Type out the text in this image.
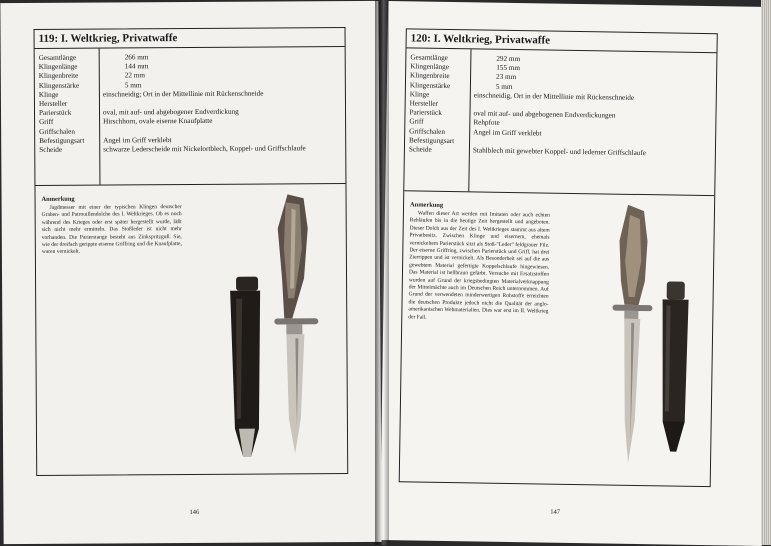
119: I. Weltkrieg, Privatwaffe
Gesamtlänge
Klingenlänge
Klingenbreite
Klingenstärke
Klinge
Hersteller
Parierstück
Griff
Griffschalen
Befestigungsart
Scheide
266 mm
144 mm
22 mm
5 mm
einschneidig; Ort in der Mittellinie mit Rückenschneide

oval, mit auf- und abgebogener Endverdickung
Hirschhorn, ovale eiserne Knaufplatte

Angel im Griff verklebt
schwarze Lederscheide mit Nickelortblech, Koppel- und Griffschlaufe
Anmerkung
Jagdmesser mit einer der typischen Klingen deutscher Graben- und Patrouillendolche des I. Weltkrieges. Ob es noch während des Krieges oder erst später hergestellt wurde, läßt sich nicht mehr ermitteln. Das Stoßleder ist nicht mehr vorhanden. Die Parierstange besteht aus Zinkspritzguß. Sie, wie der dreifach gerippte eiserne Griffring und die Knaufplatte, waren vernickelt.
146
120: I. Weltkrieg, Privatwaffe
Gesamtlänge
Klingenlänge
Klingenbreite
Klingenstärke
Klinge
Hersteller
Parierstück
Griff
Griffschalen
Befestigungsart
Scheide
292 mm
155 mm
23 mm
5 mm
einschneidig, Ort in der Mittellinie mit Rückenschneide

oval mit auf- und abgebogenen Endverdickungen
Rehpfote
Angel im Griff verklebt

Stahlblech mit gewebter Koppel- und lederner Griffschlaufe
Anmerkung
Waffen dieser Art werden mit Imitaten oder auch echten Rehläufen bis in die heutige Zeit hergestellt und angeboten. Dieser Dolch aus der Zeit des I. Weltkrieges stammt aus altem Privatbesitz. Zwischen Klinge und eisernem, ehemals vernickeltem Parierstück sitzt als Stoß-"Leder" feldgrauer Filz. Der eiserne Griffring, zwischen Parierstück und Griff, hat drei Zierrippen und ist vernickelt. Als Besonderheit sei auf die aus gewebtem Material gefertigte Koppelschlaufe hingewiesen. Das Material ist hellbraun gefärbt. Versuche mit Ersatzstoffen wurden auf Grund der kriegsbedingten Materialverknappung der Mittelmächte auch im Deutschen Reich unternommen. Auf Grund der verwendeten minderwertigen Rohstoffe erreichten die deutschen Produkte jedoch nicht die Qualität der anglo-amerikanischen Webmaterialien. Dies war erst im II. Weltkrieg der Fall.
147
